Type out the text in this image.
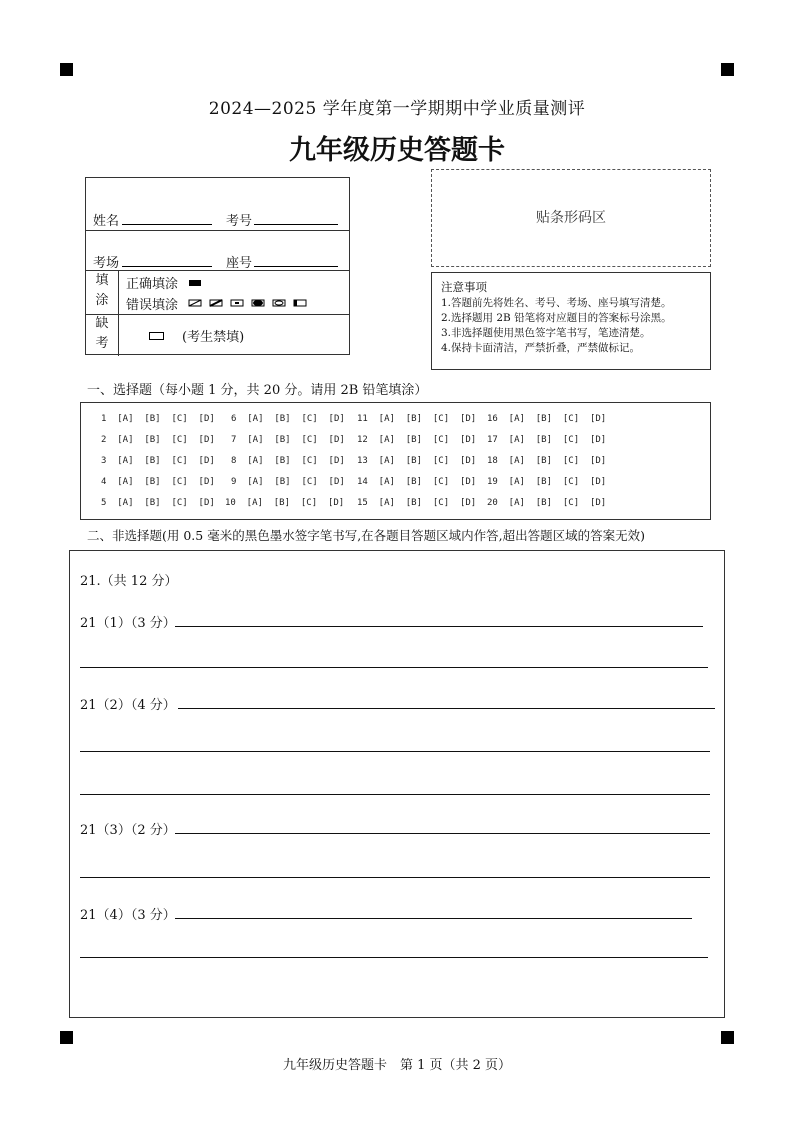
2024—2025 学年度第一学期期中学业质量测评
九年级历史答题卡
姓名	考号
考场	座号
填
涂
正确填涂
错误填涂
缺
考	(考生禁填)
贴条形码区
注意事项
1.答题前先将姓名、考号、考场、座号填写清楚。
2.选择题用 2B 铅笔将对应题目的答案标号涂黑。
3.非选择题使用黑色签字笔书写，笔迹清楚。
4.保持卡面清洁，严禁折叠，严禁做标记。
一、选择题（每小题 1 分，共 20 分。请用 2B 铅笔填涂）
1  [A]  [B]  [C]  [D] 6  [A]  [B]  [C]  [D] 11  [A]  [B]  [C]  [D] 16  [A]  [B]  [C]  [D]
2  [A]  [B]  [C]  [D] 7  [A]  [B]  [C]  [D] 12  [A]  [B]  [C]  [D] 17  [A]  [B]  [C]  [D]
3  [A]  [B]  [C]  [D] 8  [A]  [B]  [C]  [D] 13  [A]  [B]  [C]  [D] 18  [A]  [B]  [C]  [D]
4  [A]  [B]  [C]  [D] 9  [A]  [B]  [C]  [D] 14  [A]  [B]  [C]  [D] 19  [A]  [B]  [C]  [D]
5  [A]  [B]  [C]  [D] 10  [A]  [B]  [C]  [D] 15  [A]  [B]  [C]  [D] 20  [A]  [B]  [C]  [D]
二、非选择题(用 0.5 毫米的黑色墨水签字笔书写,在各题目答题区域内作答,超出答题区域的答案无效)
21.（共 12 分）
21（1）（3 分）
21（2）（4 分）
21（3）（2 分）
21（4）（3 分）
九年级历史答题卡　第 1 页（共 2 页）
